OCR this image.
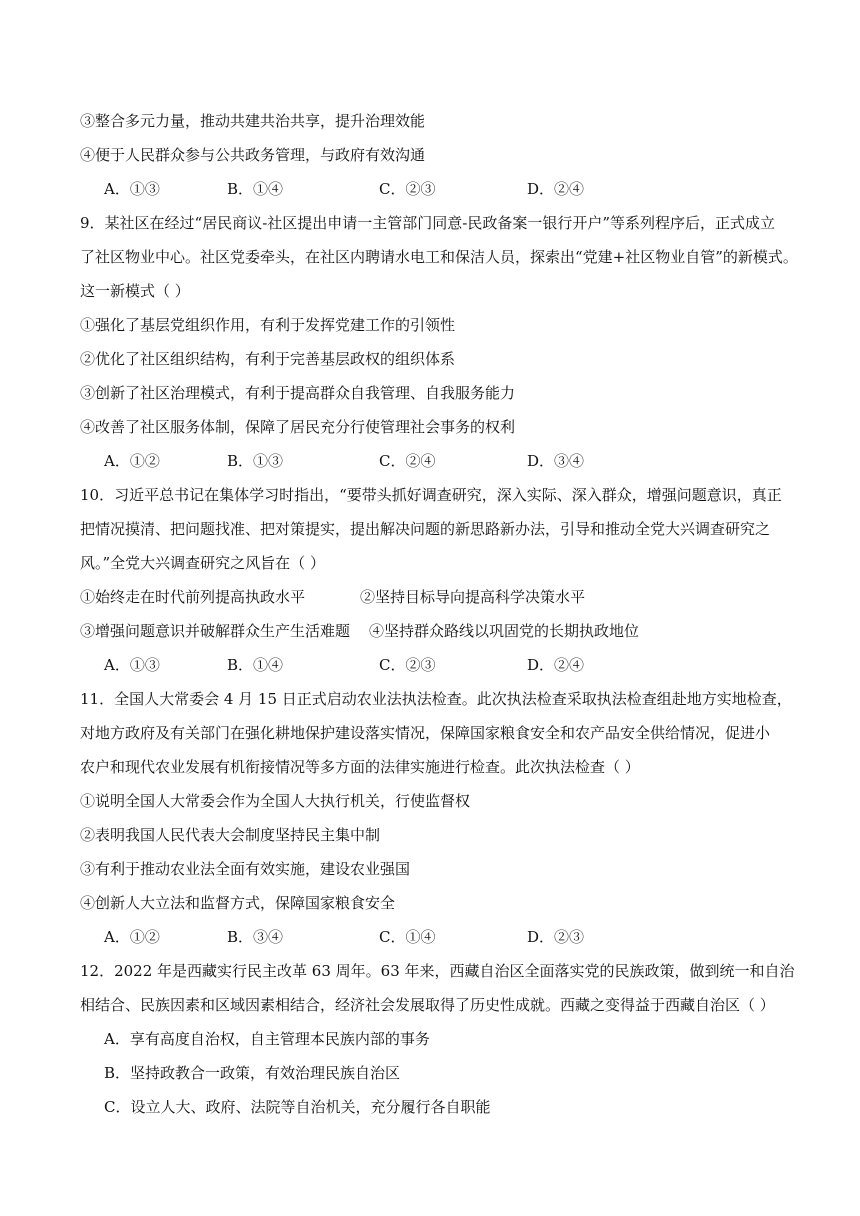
③整合多元力量，推动共建共治共享，提升治理效能
④便于人民群众参与公共政务管理，与政府有效沟通
A．①③	B．①④	C．②③	D．②④
9．某社区在经过“居民商议-社区提出申请一主管部门同意-民政备案一银行开户”等系列程序后，正式成立
了社区物业中心。社区党委牵头，在社区内聘请水电工和保洁人员，探索出“党建+社区物业自管”的新模式。
这一新模式（ ）
①强化了基层党组织作用，有利于发挥党建工作的引领性
②优化了社区组织结构，有利于完善基层政权的组织体系
③创新了社区治理模式，有利于提高群众自我管理、自我服务能力
④改善了社区服务体制，保障了居民充分行使管理社会事务的权利
A．①②	B．①③	C．②④	D．③④
10．习近平总书记在集体学习时指出，“要带头抓好调查研究，深入实际、深入群众，增强问题意识，真正
把情况摸清、把问题找准、把对策提实，提出解决问题的新思路新办法，引导和推动全党大兴调查研究之
风。”全党大兴调查研究之风旨在（ ）
①始终走在时代前列提高执政水平	②坚持目标导向提高科学决策水平
③增强问题意识并破解群众生产生活难题 ④坚持群众路线以巩固党的长期执政地位
A．①③	B．①④	C．②③	D．②④
11．全国人大常委会 4 月 15 日正式启动农业法执法检查。此次执法检查采取执法检查组赴地方实地检查，
对地方政府及有关部门在强化耕地保护建设落实情况，保障国家粮食安全和农产品安全供给情况，促进小
农户和现代农业发展有机衔接情况等多方面的法律实施进行检查。此次执法检查（ ）
①说明全国人大常委会作为全国人大执行机关，行使监督权
②表明我国人民代表大会制度坚持民主集中制
③有利于推动农业法全面有效实施，建设农业强国
④创新人大立法和监督方式，保障国家粮食安全
A．①②	B．③④	C．①④	D．②③
12．2022 年是西藏实行民主改革 63 周年。63 年来，西藏自治区全面落实党的民族政策，做到统一和自治
相结合、民族因素和区域因素相结合，经济社会发展取得了历史性成就。西藏之变得益于西藏自治区（ ）
A．享有高度自治权，自主管理本民族内部的事务
B．坚持政教合一政策，有效治理民族自治区
C．设立人大、政府、法院等自治机关，充分履行各自职能
